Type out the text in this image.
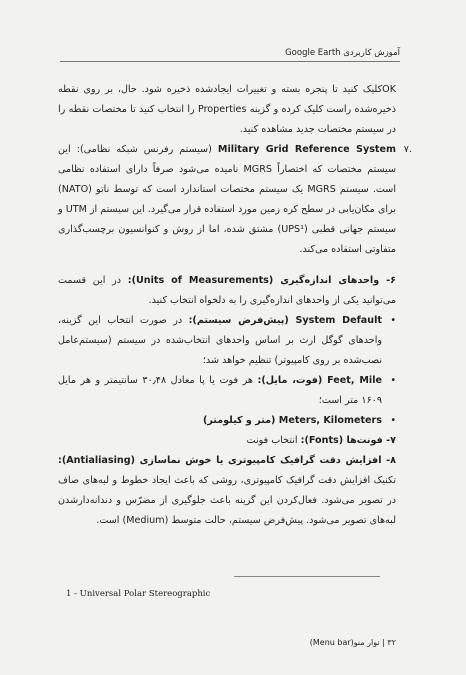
آموزش کاربردی Google Earth

OKکلیک کنید تا پنجره بسته و تغییرات ایجادشده ذخیره شود. حال، بر روی نقطه ذخیره‌شده راست کلیک کرده و گزینه Properties را انتخاب کنید تا مختصات نقطه را در سیستم مختصات جدید مشاهده کنید.

.۷
Military Grid Reference System (سیستم رفرنس شبکه نظامی): این سیستم مختصات که اختصاراً MGRS نامیده می‌شود صرفاً دارای استفاده نظامی است. سیستم MGRS یک سیستم مختصات استاندارد است که توسط ناتو (NATO) برای مکان‌یابی در سطح کره زمین مورد استفاده قرار می‌گیرد. این سیستم از UTM و سیستم جهانی قطبی (UPS¹) مشتق شده، اما از روش و کنوانسیون برچسب‌گذاری متفاوتی استفاده می‌کند.

۶- واحدهای اندازه‌گیری (Units of Measurements): در این قسمت می‌توانید یکی از واحدهای اندازه‌گیری را به دلخواه انتخاب کنید.

• System Default (پیش‌فرض سیستم): در صورت انتخاب این گزینه، واحدهای گوگل ارث بر اساس واحدهای انتخاب‌شده در سیستم (سیستم‌عامل نصب‌شده بر روی کامپیوتر) تنظیم خواهد شد؛

• Feet, Mile (فوت، مایل): هر فوت یا پا معادل ۳۰٫۴۸ سانتیمتر و هر مایل ۱۶۰۹ متر است؛

• Meters, Kilometers (متر و کیلومتر)

۷- فونت‌ها (Fonts): انتخاب فونت

۸- افزایش دقت گرافیک کامپیوتری یا خوش نماسازی (Antialiasing): تکنیک افزایش دقت گرافیک کامپیوتری، روشی که باعث ایجاد خطوط و لبه‌های صاف در تصویر می‌شود. فعال‌کردن این گزینه باعث جلوگیری از مضرّس و دندانه‌دارشدن لبه‌های تصویر می‌شود. پیش‌فرض سیستم، حالت متوسط (Medium) است.

1 - Universal Polar Stereographic
۳۲ | نوار منو(Menu bar)
